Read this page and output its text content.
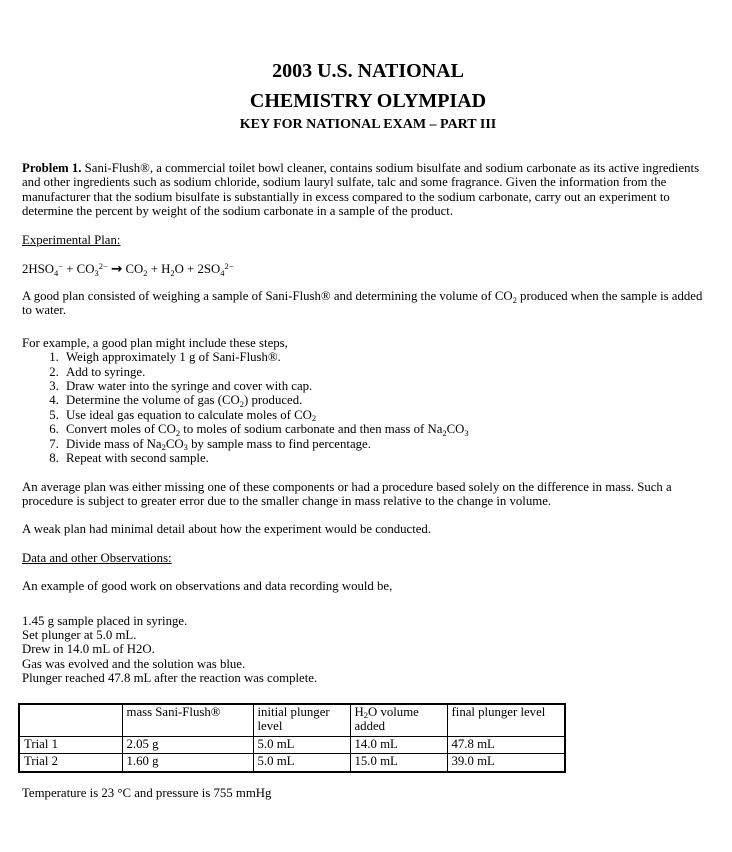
2003 U.S. NATIONAL
CHEMISTRY OLYMPIAD
KEY FOR NATIONAL EXAM – PART III

Problem 1. Sani-Flush®, a commercial toilet bowl cleaner, contains sodium bisulfate and sodium carbonate as its active ingredients and other ingredients such as sodium chloride, sodium lauryl sulfate, talc and some fragrance. Given the information from the manufacturer that the sodium bisulfate is substantially in excess compared to the sodium carbonate, carry out an experiment to determine the percent by weight of the sodium carbonate in a sample of the product.

Experimental Plan:

$2HSO4^- + CO3^{2-} \to CO2 + H2O + 2SO4^{2-}$

A good plan consisted of weighing a sample of Sani-Flush® and determining the volume of CO2 produced when the sample is added to water.

For example, a good plan might include these steps,

1. Weigh approximately 1 g of Sani-Flush®.
2. Add to syringe.
3. Draw water into the syringe and cover with cap.
4. Determine the volume of gas (CO2) produced.
5. Use ideal gas equation to calculate moles of CO2
6. Convert moles of CO2 to moles of sodium carbonate and then mass of Na2CO3
7. Divide mass of Na2CO3 by sample mass to find percentage.
8. Repeat with second sample.

An average plan was either missing one of these components or had a procedure based solely on the difference in mass. Such a procedure is subject to greater error due to the smaller change in mass relative to the change in volume.

A weak plan had minimal detail about how the experiment would be conducted.

Data and other Observations:

An example of good work on observations and data recording would be,

1.45 g sample placed in syringe.
Set plunger at 5.0 mL.
Drew in 14.0 mL of H2O.
Gas was evolved and the solution was blue.
Plunger reached 47.8 mL after the reaction was complete.
	mass Sani-Flush®	initial plunger level	H2O volume added	final plunger level
Trial 1	2.05 g	5.0 mL	14.0 mL	47.8 mL
Trial 2	1.60 g	5.0 mL	15.0 mL	39.0 mL

Temperature is 23 °C and pressure is 755 mmHg
